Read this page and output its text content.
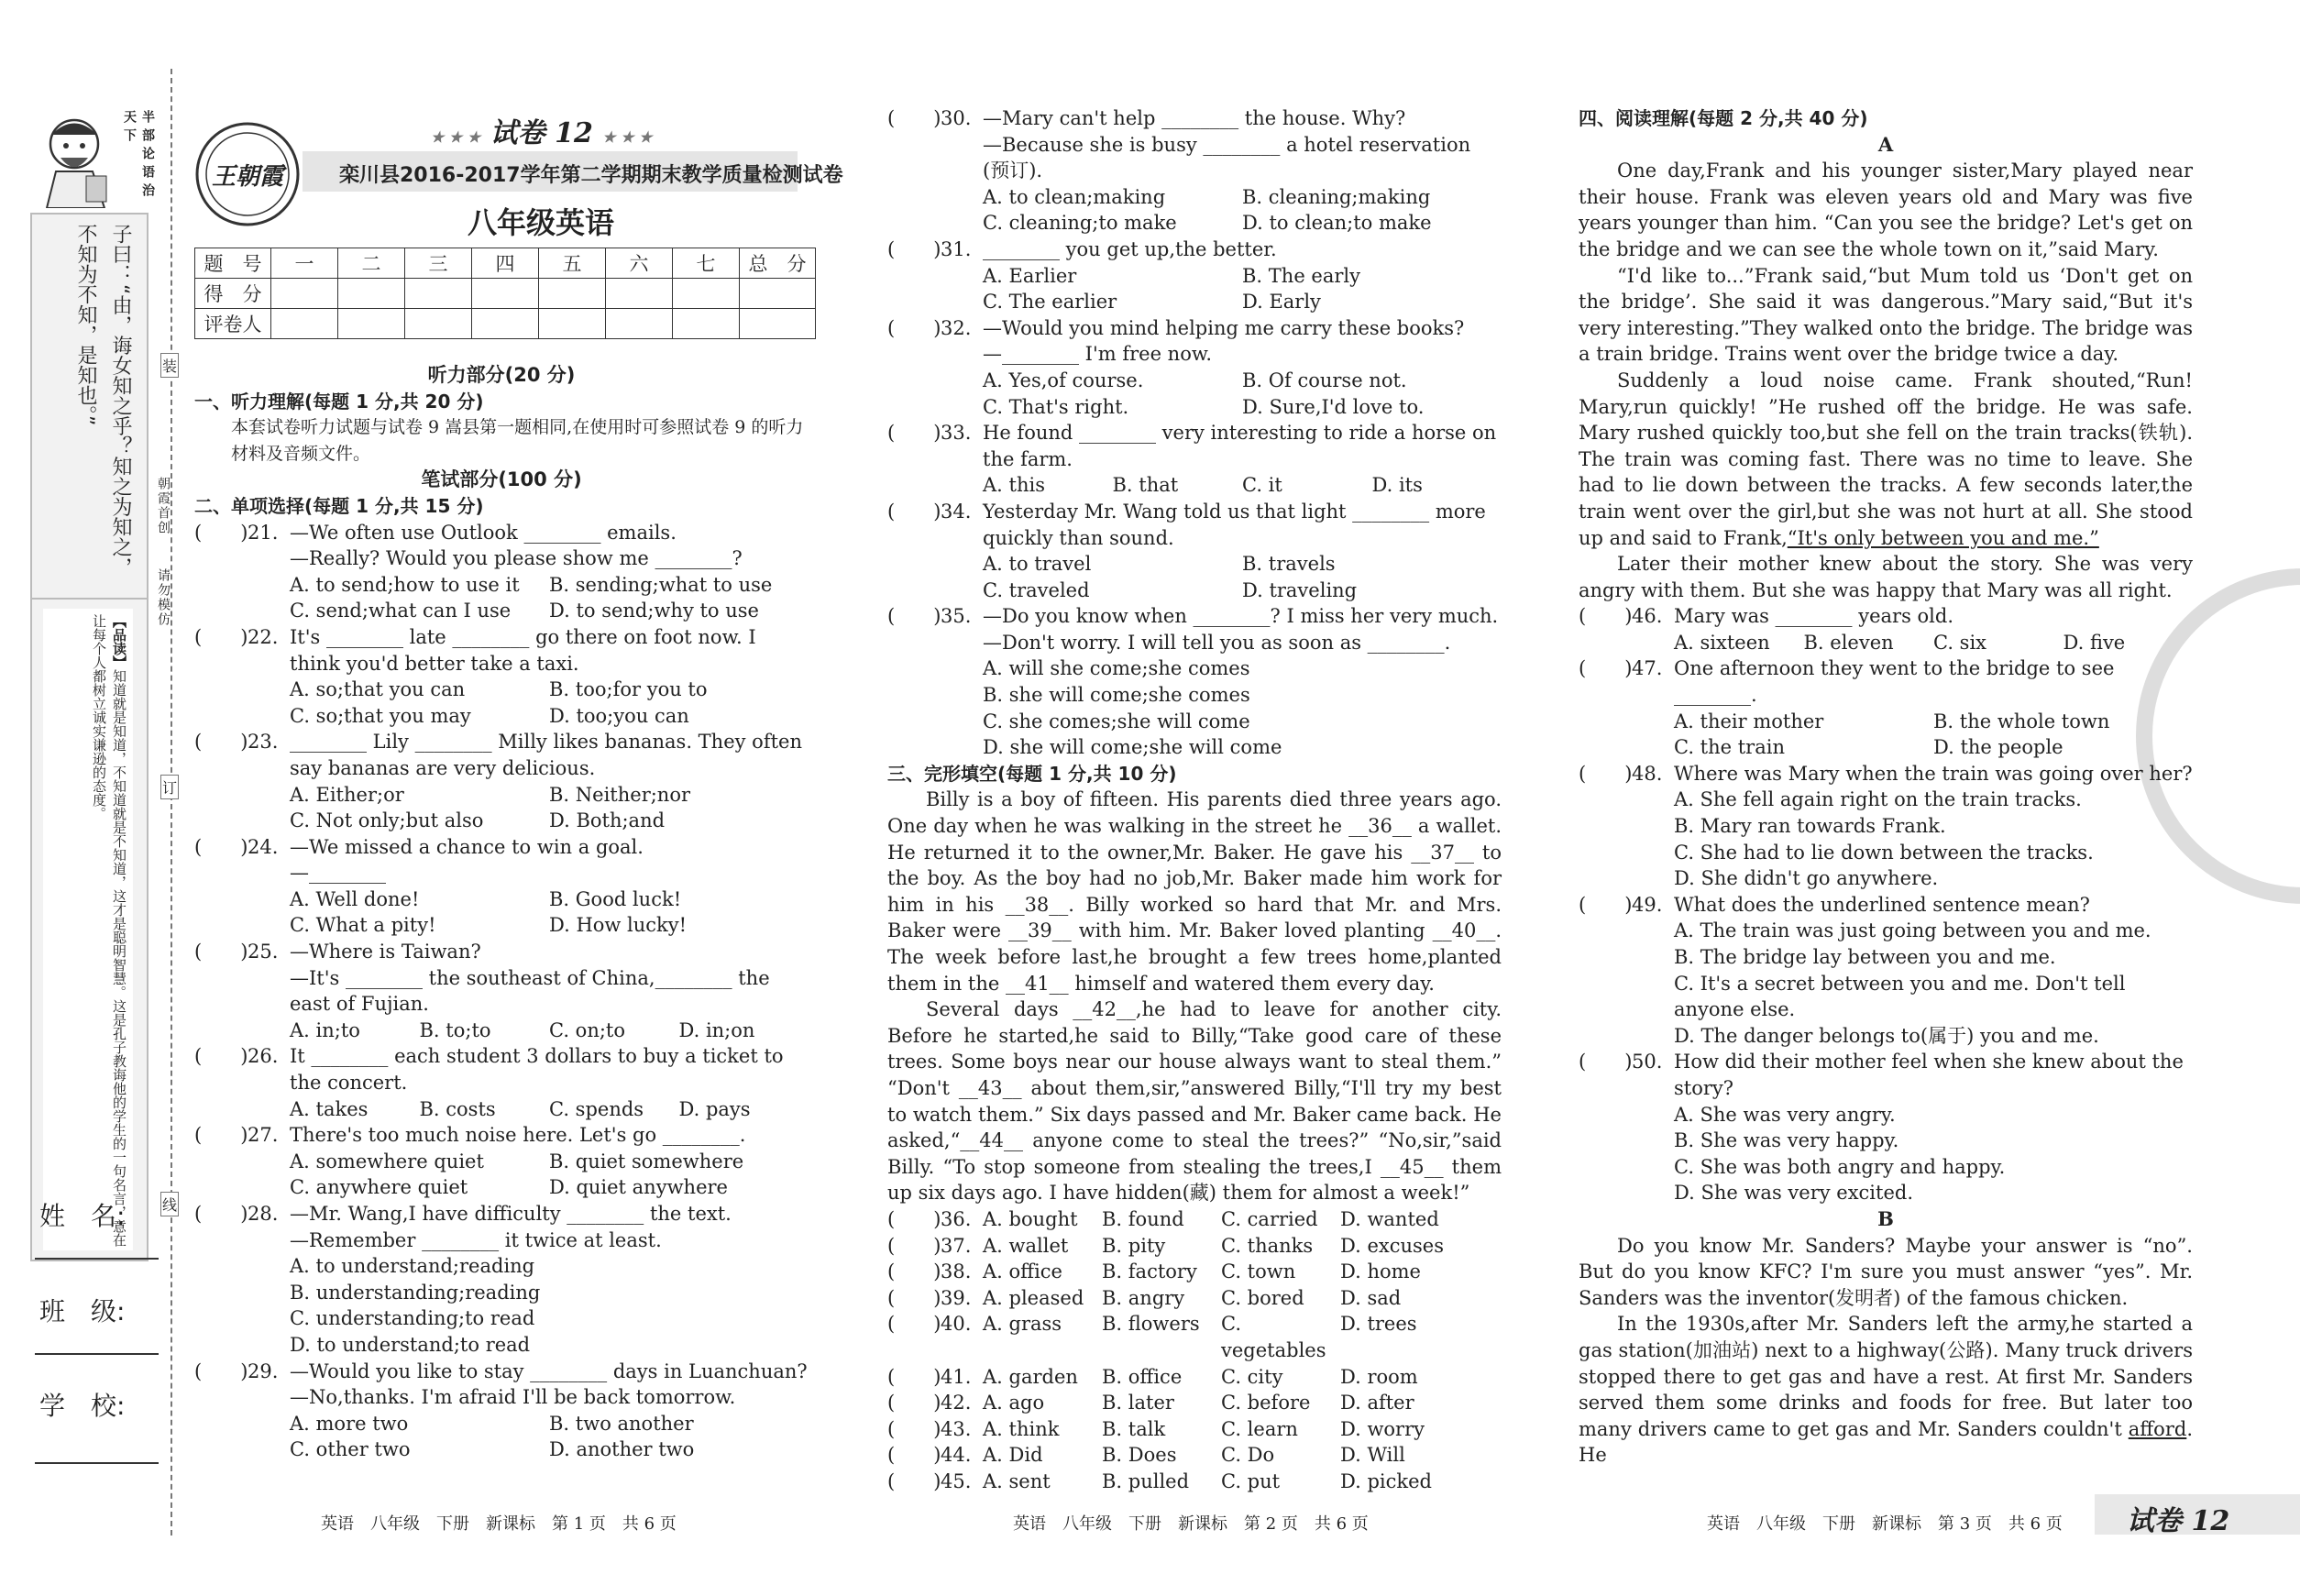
半部论语治天下
子曰：“由，诲女知之乎？知之为知之，不知为不知，是知也。”
【品读】知道就是知道，不知道就是不知道，这才是聪明智慧。这是孔子教诲他的学生的一句名言，意在让每个人都树立诚实谦逊的态度。
姓　名:
班　级:
学　校:
装
订
线
朝霞首创
请勿模仿
王朝霞
★ ★ ★ 试卷 12 ★ ★ ★
栾川县2016-2017学年第二学期期末教学质量检测试卷
八年级英语
题　号	一	二	三	四	五	六	七	总　分
得　分								
评卷人								

听力部分(20 分)

一、听力理解(每题 1 分,共 20 分)

本套试卷听力试题与试卷 9 嵩县第一题相同,在使用时可参照试卷 9 的听力材料及音频文件。

笔试部分(100 分)

二、单项选择(每题 1 分,共 15 分)

(　　) 21. —We often use Outlook ________ emails.
—Really? Would you please show me ________?
A. to send;how to use it	B. sending;what to use
C. send;what can I use	D. to send;why to use
(　　) 22. It's ________ late ________ go there on foot now. I think you'd better take a taxi.
A. so;that you can	B. too;for you to
C. so;that you may	D. too;you can
(　　) 23. ________ Lily ________ Milly likes bananas. They often say bananas are very delicious.
A. Either;or	B. Neither;nor
C. Not only;but also	D. Both;and
(　　) 24. —We missed a chance to win a goal.
—________
A. Well done!	B. Good luck!
C. What a pity!	D. How lucky!
(　　) 25. —Where is Taiwan?
—It's ________ the southeast of China,________ the east of Fujian.
A. in;to	B. to;to	C. on;to	D. in;on
(　　) 26. It ________ each student 3 dollars to buy a ticket to the concert.
A. takes	B. costs	C. spends	D. pays
(　　) 27. There's too much noise here. Let's go ________.
A. somewhere quiet	B. quiet somewhere
C. anywhere quiet	D. quiet anywhere
(　　) 28. —Mr. Wang,I have difficulty ________ the text.
—Remember ________ it twice at least.
A. to understand;reading
B. understanding;reading
C. understanding;to read
D. to understand;to read
(　　) 29. —Would you like to stay ________ days in Luanchuan?
—No,thanks. I'm afraid I'll be back tomorrow.
A. more two	B. two another
C. other two	D. another two
英语　八年级　下册　新课标　第 1 页　共 6 页
(　　) 30. —Mary can't help ________ the house. Why?
—Because she is busy ________ a hotel reservation (预订).
A. to clean;making	B. cleaning;making
C. cleaning;to make	D. to clean;to make
(　　) 31. ________ you get up,the better.
A. Earlier	B. The early
C. The earlier	D. Early
(　　) 32. —Would you mind helping me carry these books?
—________ I'm free now.
A. Yes,of course.	B. Of course not.
C. That's right.	D. Sure,I'd love to.
(　　) 33. He found ________ very interesting to ride a horse on the farm.
A. this	B. that	C. it	D. its
(　　) 34. Yesterday Mr. Wang told us that light ________ more quickly than sound.
A. to travel	B. travels
C. traveled	D. traveling
(　　) 35. —Do you know when ________? I miss her very much.
—Don't worry. I will tell you as soon as ________.
A. will she come;she comes
B. she will come;she comes
C. she comes;she will come
D. she will come;she will come

三、完形填空(每题 1 分,共 10 分)

Billy is a boy of fifteen. His parents died three years ago. One day when he was walking in the street he __36__ a wallet. He returned it to the owner,Mr. Baker. He gave his __37__ to the boy. As the boy had no job,Mr. Baker made him work for him in his __38__. Billy worked so hard that Mr. and Mrs. Baker were __39__ with him. Mr. Baker loved planting __40__. The week before last,he brought a few trees home,planted them in the __41__ himself and watered them every day.

Several days __42__,he had to leave for another city. Before he started,he said to Billy,“Take good care of these trees. Some boys near our house always want to steal them.” “Don't __43__ about them,sir,”answered Billy,“I'll try my best to watch them.” Six days passed and Mr. Baker came back. He asked,“__44__ anyone come to steal the trees?” “No,sir,”said Billy. “To stop someone from stealing the trees,I __45__ them up six days ago. I have hidden(藏) them for almost a week!”

(　　) 36. A. bought	B. found	C. carried	D. wanted
(　　) 37. A. wallet	B. pity	C. thanks	D. excuses
(　　) 38. A. office	B. factory	C. town	D. home
(　　) 39. A. pleased B. angry	C. bored	D. sad
(　　) 40. A. grass	B. flowers	C. vegetables
D. trees
(　　) 41. A. garden	B. office	C. city	D. room
(　　) 42. A. ago	B. later	C. before	D. after
(　　) 43. A. think	B. talk	C. learn	D. worry
(　　) 44. A. Did	B. Does	C. Do	D. Will
(　　) 45. A. sent	B. pulled	C. put	D. picked
英语　八年级　下册　新课标　第 2 页　共 6 页

四、阅读理解(每题 2 分,共 40 分)

A

One day,Frank and his younger sister,Mary played near their house. Frank was eleven years old and Mary was five years younger than him. “Can you see the bridge? Let's get on the bridge and we can see the whole town on it,”said Mary.

“I'd like to...”Frank said,“but Mum told us ‘Don't get on the bridge’. She said it was dangerous.”Mary said,“But it's very interesting.”They walked onto the bridge. The bridge was a train bridge. Trains went over the bridge twice a day.

Suddenly a loud noise came. Frank shouted,“Run! Mary,run quickly! ”He rushed off the bridge. He was safe. Mary rushed quickly too,but she fell on the train tracks(铁轨). The train was coming fast. There was no time to leave. She had to lie down between the tracks. A few seconds later,the train went over the girl,but she was not hurt at all. She stood up and said to Frank,“It's only between you and me.”

Later their mother knew about the story. She was very angry with them. But she was happy that Mary was all right.

(　　) 46. Mary was ________ years old.
A. sixteen	B. eleven	C. six	D. five
(　　) 47. One afternoon they went to the bridge to see ________.
A. their mother	B. the whole town
C. the train	D. the people
(　　) 48. Where was Mary when the train was going over her?
A. She fell again right on the train tracks.
B. Mary ran towards Frank.
C. She had to lie down between the tracks.
D. She didn't go anywhere.
(　　) 49. What does the underlined sentence mean?
A. The train was just going between you and me.
B. The bridge lay between you and me.
C. It's a secret between you and me. Don't tell anyone else.
D. The danger belongs to(属于) you and me.
(　　) 50. How did their mother feel when she knew about the story?
A. She was very angry.
B. She was very happy.
C. She was both angry and happy.
D. She was very excited.

B

Do you know Mr. Sanders? Maybe your answer is “no”. But do you know KFC? I'm sure you must answer “yes”. Mr. Sanders was the inventor(发明者) of the famous chicken.

In the 1930s,after Mr. Sanders left the army,he started a gas station(加油站) next to a highway(公路). Many truck drivers stopped there to get gas and have a rest. At first Mr. Sanders served them some drinks and foods for free. But later too many drivers came to get gas and Mr. Sanders couldn't afford. He

英语　八年级　下册　新课标　第 3 页　共 6 页 试卷 12
